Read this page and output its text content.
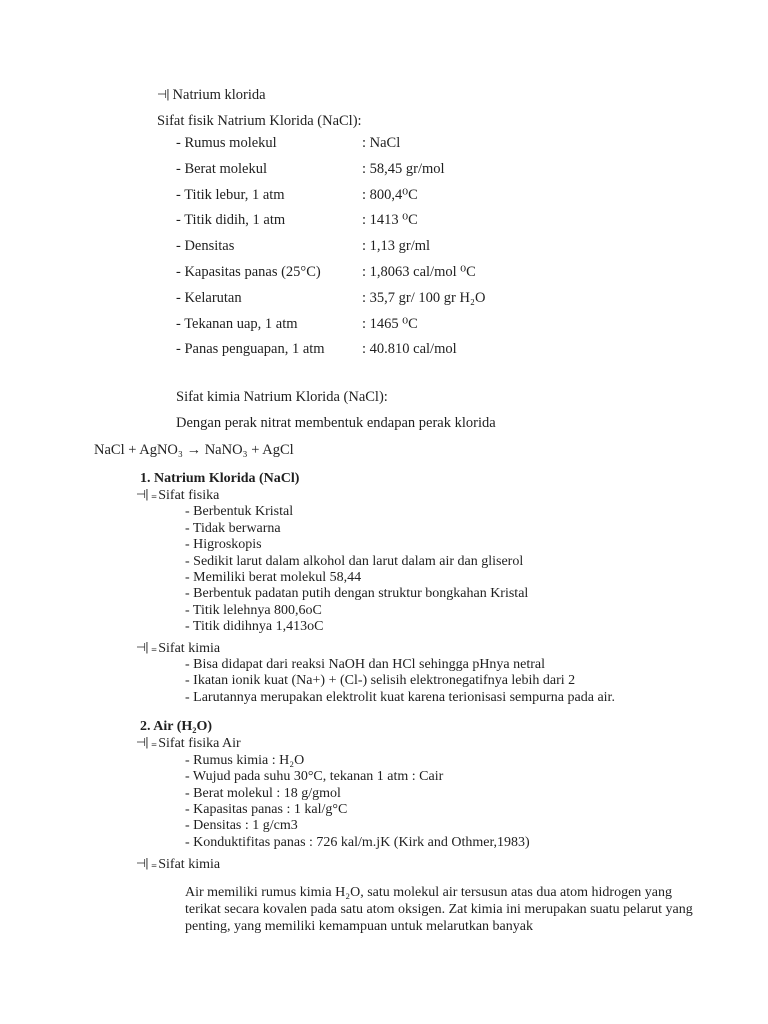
⊣| Natrium klorida
Sifat fisik Natrium Klorida (NaCl):
- Rumus molekul	: NaCl
- Berat molekul	: 58,45 gr/mol
- Titik lebur, 1 atm	: 800,4⁰C
- Titik didih, 1 atm	: 1413 ⁰C
- Densitas	: 1,13 gr/ml
- Kapasitas panas (25°C)	: 1,8063 cal/mol ⁰C
- Kelarutan	: 35,7 gr/ 100 gr H₂O
- Tekanan uap, 1 atm	: 1465 ⁰C
- Panas penguapan, 1 atm	: 40.810 cal/mol
Sifat kimia Natrium Klorida (NaCl):
Dengan perak nitrat membentuk endapan perak klorida
NaCl + AgNO₃ → NaNO₃ + AgCl
1. Natrium Klorida (NaCl)
⊣| ₌Sifat fisika
- Berbentuk Kristal
- Tidak berwarna
- Higroskopis
- Sedikit larut dalam alkohol dan larut dalam air dan gliserol
- Memiliki berat molekul 58,44
- Berbentuk padatan putih dengan struktur bongkahan Kristal
- Titik lelehnya 800,6oC
- Titik didihnya 1,413oC
⊣| ₌Sifat kimia
- Bisa didapat dari reaksi NaOH dan HCl sehingga pHnya netral
- Ikatan ionik kuat (Na+) + (Cl-) selisih elektronegatifnya lebih dari 2
- Larutannya merupakan elektrolit kuat karena terionisasi sempurna pada air.
2. Air (H₂O)
⊣| ₌Sifat fisika Air
- Rumus kimia : H₂O
- Wujud pada suhu 30°C, tekanan 1 atm : Cair
- Berat molekul : 18 g/gmol
- Kapasitas panas : 1 kal/g°C
- Densitas : 1 g/cm3
- Konduktifitas panas : 726 kal/m.jK (Kirk and Othmer,1983)
⊣| ₌Sifat kimia
Air memiliki rumus kimia H₂O, satu molekul air tersusun atas dua atom hidrogen yang terikat secara kovalen pada satu atom oksigen. Zat kimia ini merupakan suatu pelarut yang penting, yang memiliki kemampuan untuk melarutkan banyak
